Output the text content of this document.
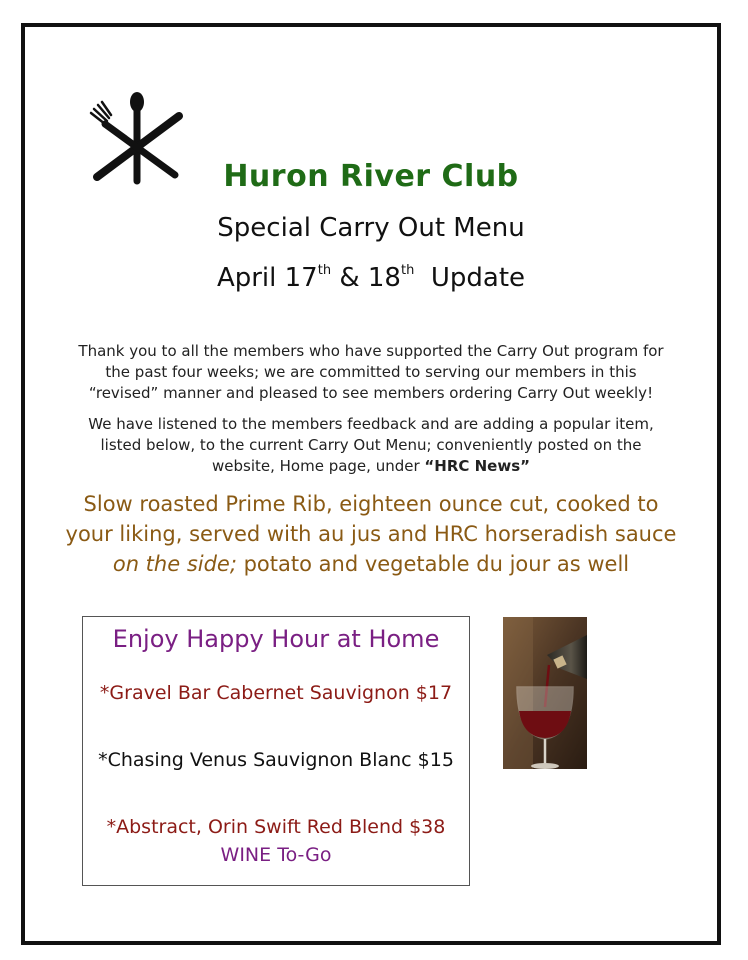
Huron River Club
Special Carry Out Menu
April 17th & 18th Update
Thank you to all the members who have supported the Carry Out program for the past four weeks; we are committed to serving our members in this “revised” manner and pleased to see members ordering Carry Out weekly!
We have listened to the members feedback and are adding a popular item, listed below, to the current Carry Out Menu; conveniently posted on the website, Home page, under “HRC News”
Slow roasted Prime Rib, eighteen ounce cut, cooked to your liking, served with au jus and HRC horseradish sauce on the side; potato and vegetable du jour as well
Enjoy Happy Hour at Home
*Gravel Bar Cabernet Sauvignon $17
*Chasing Venus Sauvignon Blanc $15
*Abstract, Orin Swift Red Blend $38
WINE To-Go
